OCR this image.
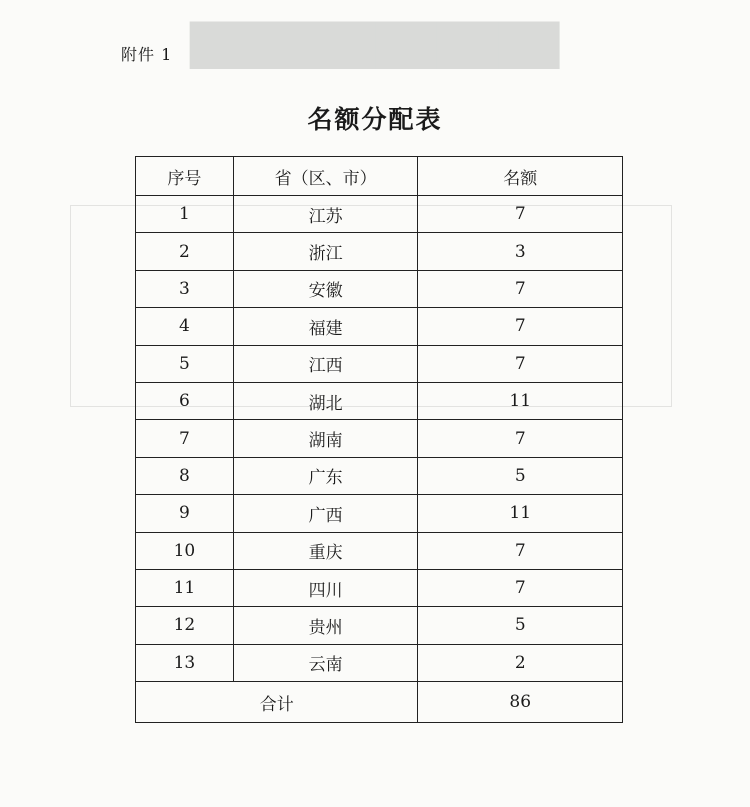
████████████
附件 1
名额分配表
序号	省（区、市）	名额
1	江苏	7
2	浙江	3
3	安徽	7
4	福建	7
5	江西	7
6	湖北	11
7	湖南	7
8	广东	5
9	广西	11
10	重庆	7
11	四川	7
12	贵州	5
13	云南	2
合计		86
